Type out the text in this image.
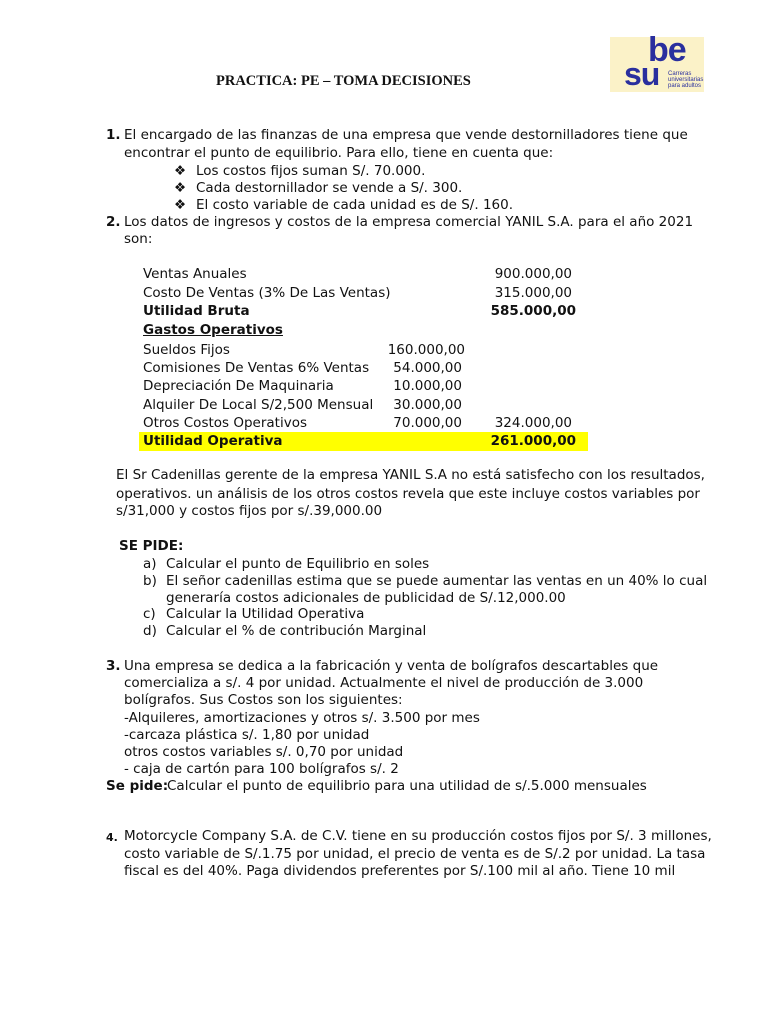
be
su Carreras
universitarias
para adultos
PRACTICA: PE – TOMA DECISIONES
1. El encargado de las finanzas de una empresa que vende destornilladores tiene que
encontrar el punto de equilibrio. Para ello, tiene en cuenta que:
❖ Los costos fijos suman S/. 70.000.
❖ Cada destornillador se vende a S/. 300.
❖ El costo variable de cada unidad es de S/. 160.
2. Los datos de ingresos y costos de la empresa comercial YANIL S.A. para el año 2021
son:
Ventas Anuales	900.000,00
Costo De Ventas (3% De Las Ventas)	315.000,00
Utilidad Bruta	585.000,00
Gastos Operativos
Sueldos Fijos	160.000,00
Comisiones De Ventas 6% Ventas	54.000,00
Depreciación De Maquinaria	10.000,00
Alquiler De Local S/2,500 Mensual	30.000,00
Otros Costos Operativos	70.000,00	324.000,00
Utilidad Operativa	261.000,00
El Sr Cadenillas gerente de la empresa YANIL S.A no está satisfecho con los resultados,
operativos. un análisis de los otros costos revela que este incluye costos variables por
s/31,000 y costos fijos por s/.39,000.00
SE PIDE:
a) Calcular el punto de Equilibrio en soles
b) El señor cadenillas estima que se puede aumentar las ventas en un 40% lo cual
generaría costos adicionales de publicidad de S/.12,000.00
c) Calcular la Utilidad Operativa
d) Calcular el % de contribución Marginal
3. Una empresa se dedica a la fabricación y venta de bolígrafos descartables que
comercializa a s/. 4 por unidad. Actualmente el nivel de producción de 3.000
bolígrafos. Sus Costos son los siguientes:
-Alquileres, amortizaciones y otros s/. 3.500 por mes
-carcaza plástica s/. 1,80 por unidad
otros costos variables s/. 0,70 por unidad
- caja de cartón para 100 bolígrafos s/. 2
Se pide:
Calcular el punto de equilibrio para una utilidad de s/.5.000 mensuales
4. Motorcycle Company S.A. de C.V. tiene en su producción costos fijos por S/. 3 millones,
costo variable de S/.1.75 por unidad, el precio de venta es de S/.2 por unidad. La tasa
fiscal es del 40%. Paga dividendos preferentes por S/.100 mil al año. Tiene 10 mil
